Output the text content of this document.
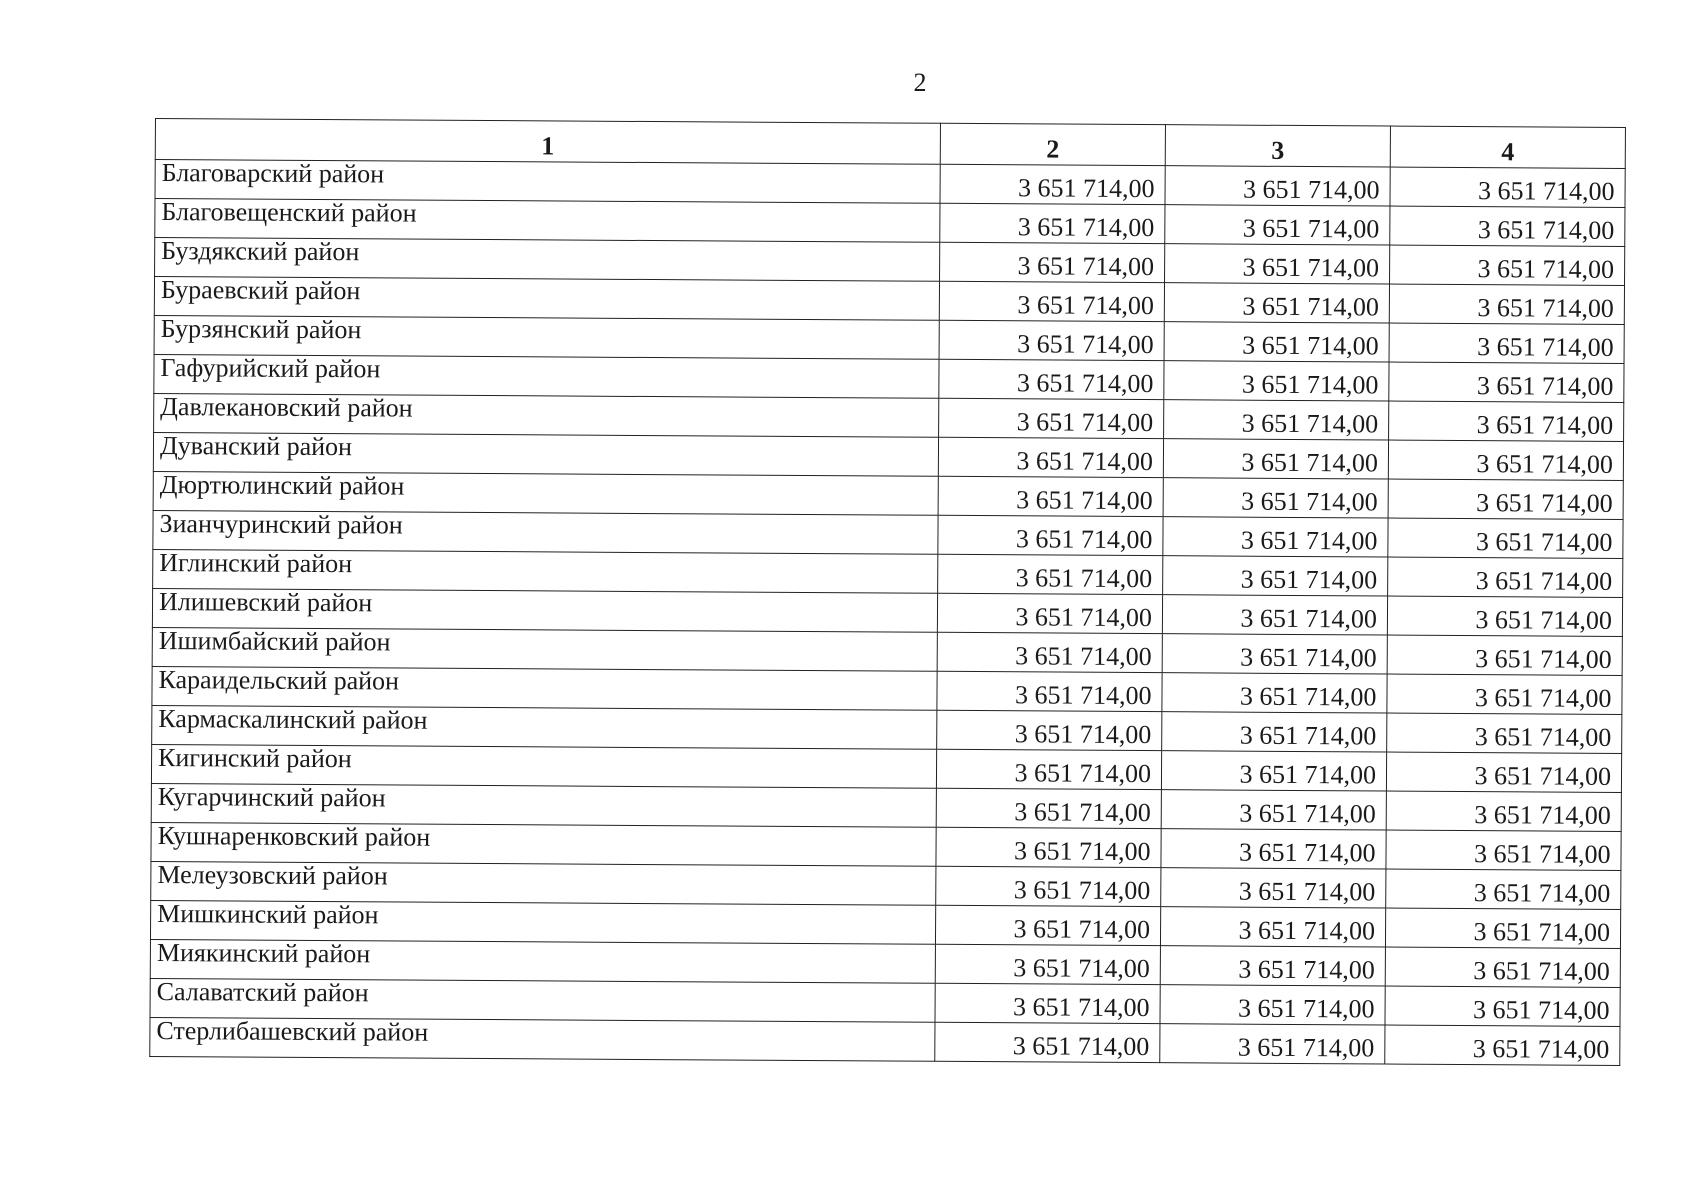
2
1	2	3	4
Благоварский район	3 651 714,00	3 651 714,00	3 651 714,00
Благовещенский район	3 651 714,00	3 651 714,00	3 651 714,00
Буздякский район	3 651 714,00	3 651 714,00	3 651 714,00
Бураевский район	3 651 714,00	3 651 714,00	3 651 714,00
Бурзянский район	3 651 714,00	3 651 714,00	3 651 714,00
Гафурийский район	3 651 714,00	3 651 714,00	3 651 714,00
Давлекановский район	3 651 714,00	3 651 714,00	3 651 714,00
Дуванский район	3 651 714,00	3 651 714,00	3 651 714,00
Дюртюлинский район	3 651 714,00	3 651 714,00	3 651 714,00
Зианчуринский район	3 651 714,00	3 651 714,00	3 651 714,00
Иглинский район	3 651 714,00	3 651 714,00	3 651 714,00
Илишевский район	3 651 714,00	3 651 714,00	3 651 714,00
Ишимбайский район	3 651 714,00	3 651 714,00	3 651 714,00
Караидельский район	3 651 714,00	3 651 714,00	3 651 714,00
Кармаскалинский район	3 651 714,00	3 651 714,00	3 651 714,00
Кигинский район	3 651 714,00	3 651 714,00	3 651 714,00
Кугарчинский район	3 651 714,00	3 651 714,00	3 651 714,00
Кушнаренковский район	3 651 714,00	3 651 714,00	3 651 714,00
Мелеузовский район	3 651 714,00	3 651 714,00	3 651 714,00
Мишкинский район	3 651 714,00	3 651 714,00	3 651 714,00
Миякинский район	3 651 714,00	3 651 714,00	3 651 714,00
Салаватский район	3 651 714,00	3 651 714,00	3 651 714,00
Стерлибашевский район	3 651 714,00	3 651 714,00	3 651 714,00
